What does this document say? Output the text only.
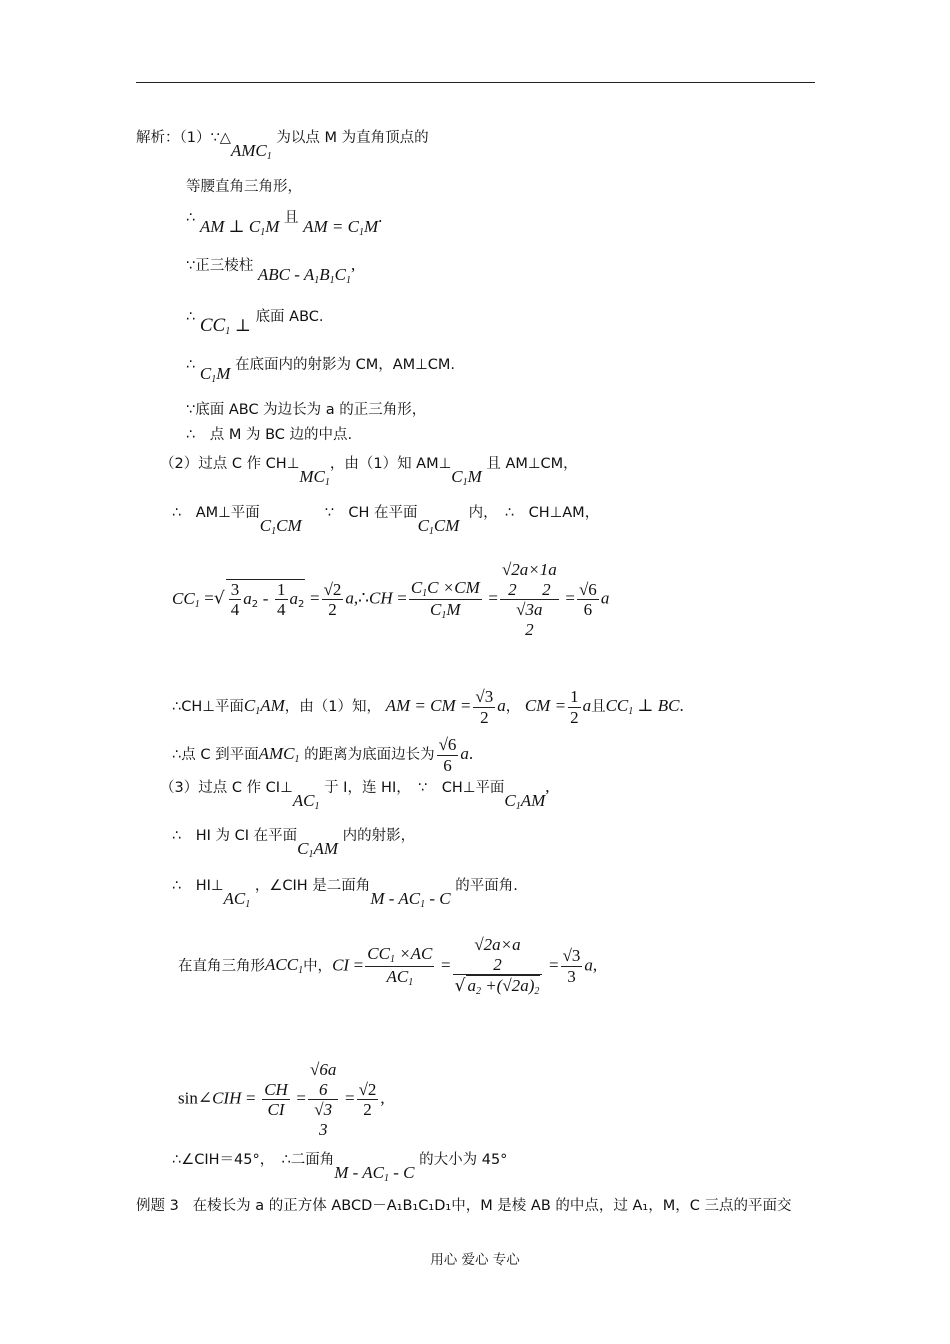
解析：$(1)\because\triangle AMC_1$ 为以点 M 为直角顶点的
等腰直角三角形，
∴ AM ⊥ $C_1M$ 且 AM = $C_1M$.
∵正三棱柱 ABC - $A_1B_1C_1$,
∴ $CC_1$ ⊥ 底面 ABC.
∴ $C_1M$ 在底面内的射影为 CM，AM⊥CM.
∵底面 ABC 为边长为 a 的正三角形，
∴　点 M 为 BC 边的中点.
（2）过点 C 作 $CH\perp MC_1$，由（1）知 $AM\perp C_1M$ 且 AM⊥CM，
∴　AM⊥平面$C_1CM$     ∵　CH 在平面$C_1CM$  内，　∴　CH⊥AM，
$CC_1$ =√ $\frac{3}{4} a_2 - \frac{1}{4} a_2 = \frac{√2}{2}$ a,∴CH = $\frac{C_1C \times CM}{C_1M}$ =
√2a×1a
2      2
√3a
2
= $\frac{√6}{6}$ a
∴CH⊥平面$C_1AM$，由（1）知， AM = CM = $\frac{√3}{2}$ a， CM = $\frac{1}{2}$ a且$CC_1$ ⊥ BC.
∴点 C 到平面$AMC_1$ 的距离为底面边长为 $\frac{√6}{6} a$.
（3）过点 C 作 $CI\perp AC_1$ 于 I，连 HI，　∵　CH⊥平面$C_1AM$,
∴　HI 为 CI 在平面$C_1AM$ 内的射影，
∴　$HI\perp AC_1$ ，∠CIH 是二面角M - $AC_1$ - C 的平面角.
在直角三角形$ACC_1$中，CI = $\frac{CC_1 \times AC}{AC_1}$ =
√2a×a
2
√ $a_2 +(√2a)_2$
= $\frac{√3}{3} a$,
sin∠CIH = $\frac{CH}{CI}$ =
√6a
6
√3
3
= $\frac{√2}{2}$ ,
∴∠CIH＝45°，　∴二面角M - $AC_1$ - C 的大小为 45°
例题 3 在棱长为 a 的正方体 ABCD－A₁B₁C₁D₁中，M 是棱 AB 的中点，过 A₁，M，C 三点的平面交
用心 爱心 专心
